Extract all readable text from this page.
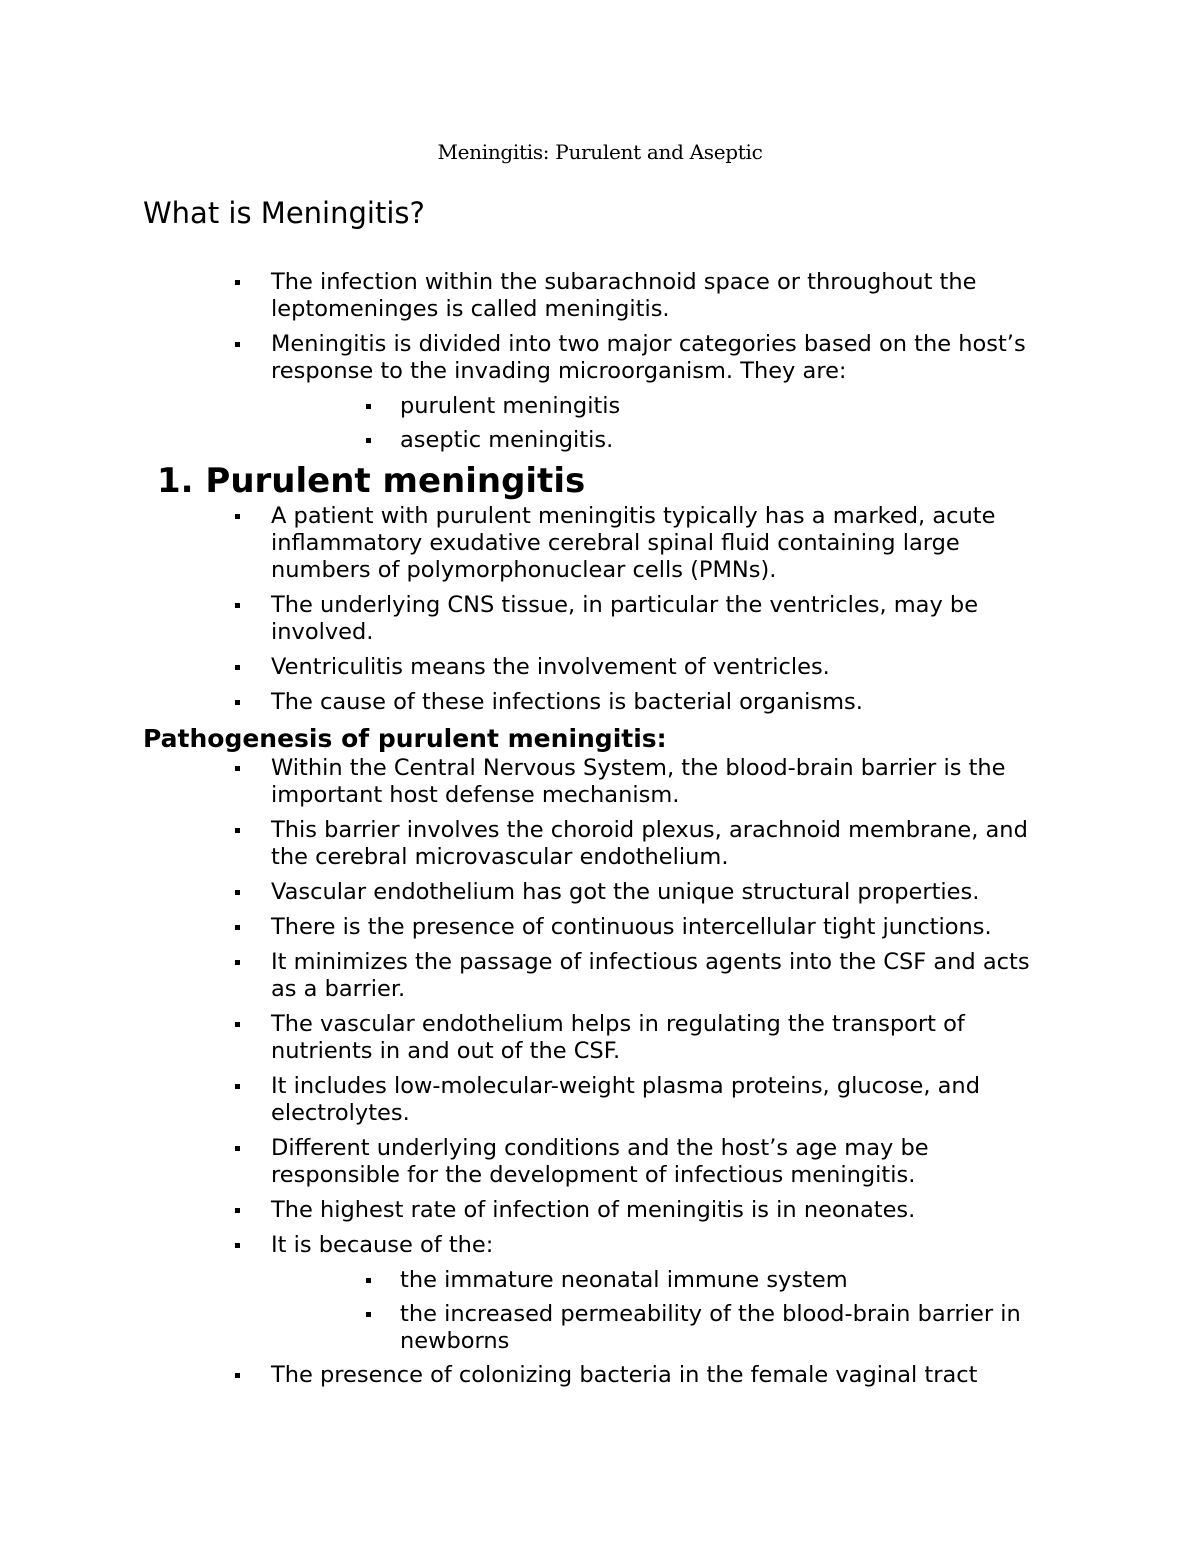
Meningitis: Purulent and Aseptic
What is Meningitis?
The infection within the subarachnoid space or throughout the leptomeninges is called meningitis.
Meningitis is divided into two major categories based on the host’s response to the invading microorganism. They are:
purulent meningitis
aseptic meningitis.
1. Purulent meningitis
A patient with purulent meningitis typically has a marked, acute inflammatory exudative cerebral spinal fluid containing large numbers of polymorphonuclear cells (PMNs).
The underlying CNS tissue, in particular the ventricles, may be involved.
Ventriculitis means the involvement of ventricles.
The cause of these infections is bacterial organisms.
Pathogenesis of purulent meningitis:
Within the Central Nervous System, the blood-brain barrier is the important host defense mechanism.
This barrier involves the choroid plexus, arachnoid membrane, and the cerebral microvascular endothelium.
Vascular endothelium has got the unique structural properties.
There is the presence of continuous intercellular tight junctions.
It minimizes the passage of infectious agents into the CSF and acts as a barrier.
The vascular endothelium helps in regulating the transport of nutrients in and out of the CSF.
It includes low-molecular-weight plasma proteins, glucose, and electrolytes.
Different underlying conditions and the host’s age may be responsible for the development of infectious meningitis.
The highest rate of infection of meningitis is in neonates.
It is because of the:
the immature neonatal immune system
the increased permeability of the blood-brain barrier in newborns
The presence of colonizing bacteria in the female vaginal tract
